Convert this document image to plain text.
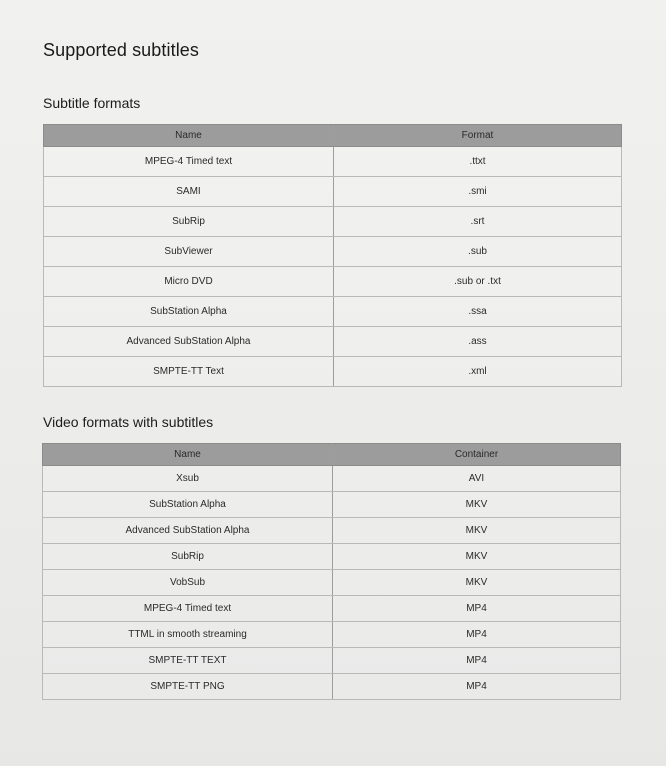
Supported subtitles
Subtitle formats
Name	Format
MPEG-4 Timed text	.ttxt
SAMI	.smi
SubRip	.srt
SubViewer	.sub
Micro DVD	.sub or .txt
SubStation Alpha	.ssa
Advanced SubStation Alpha	.ass
SMPTE-TT Text	.xml
Video formats with subtitles
Name	Container
Xsub	AVI
SubStation Alpha	MKV
Advanced SubStation Alpha	MKV
SubRip	MKV
VobSub	MKV
MPEG-4 Timed text	MP4
TTML in smooth streaming	MP4
SMPTE-TT TEXT	MP4
SMPTE-TT PNG	MP4
